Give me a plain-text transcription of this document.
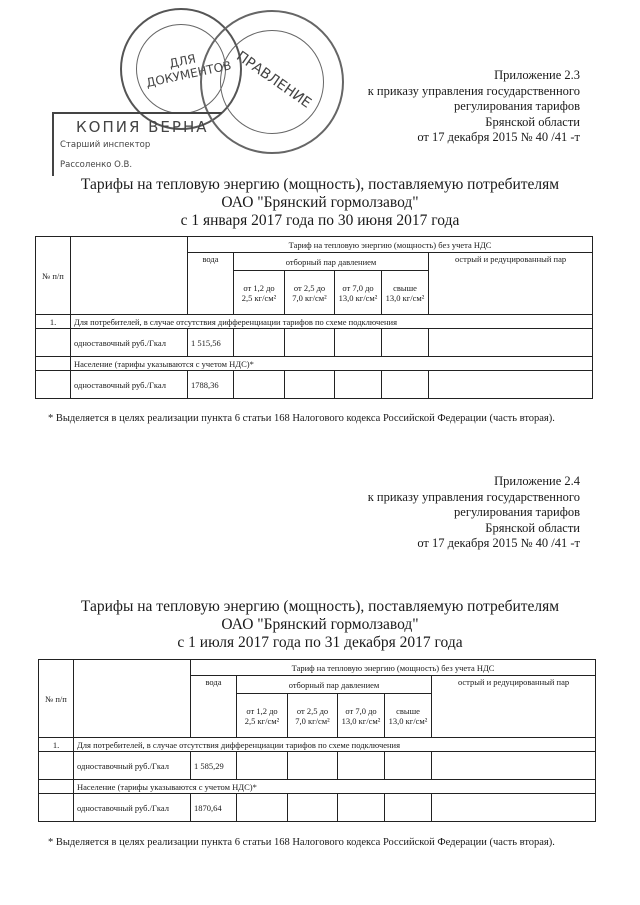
ДЛЯ ДОКУМЕНТОВ ПРАВЛЕНИЕ
КОПИЯ ВЕРНА
Старший инспектор
Рассоленко О.В.
Приложение 2.3
к приказу управления государственного
регулирования тарифов
Брянской области
от 17 декабря 2015 № 40 /41 -т
Тарифы на тепловую энергию (мощность), поставляемую потребителям
ОАО "Брянский гормолзавод"
с 1 января 2017 года по 30 июня 2017 года
№ п/п		Тариф на тепловую энергию (мощность) без учета НДС					
		вода	отборный пар давлением				острый и редуцированный пар
			от 1,2 до 2,5 кг/см²	от 2,5 до 7,0 кг/см²	от 7,0 до 13,0 кг/см²	свыше 13,0 кг/см²	
1.	Для потребителей, в случае отсутствия дифференциации тарифов по схеме подключения						
	одноставочный руб./Гкал	1 515,56					
	Население (тарифы указываются с учетом НДС)*						
	одноставочный руб./Гкал	1788,36					
* Выделяется в целях реализации пункта 6 статьи 168 Налогового кодекса Российской Федерации (часть вторая).
Приложение 2.4
к приказу управления государственного
регулирования тарифов
Брянской области
от 17 декабря 2015 № 40 /41 -т
Тарифы на тепловую энергию (мощность), поставляемую потребителям
ОАО "Брянский гормолзавод"
с 1 июля 2017 года по 31 декабря 2017 года
№ п/п		Тариф на тепловую энергию (мощность) без учета НДС					
		вода	отборный пар давлением				острый и редуцированный пар
			от 1,2 до 2,5 кг/см²	от 2,5 до 7,0 кг/см²	от 7,0 до 13,0 кг/см²	свыше 13,0 кг/см²	
1.	Для потребителей, в случае отсутствия дифференциации тарифов по схеме подключения						
	одноставочный руб./Гкал	1 585,29					
	Население (тарифы указываются с учетом НДС)*						
	одноставочный руб./Гкал	1870,64					
* Выделяется в целях реализации пункта 6 статьи 168 Налогового кодекса Российской Федерации (часть вторая).
